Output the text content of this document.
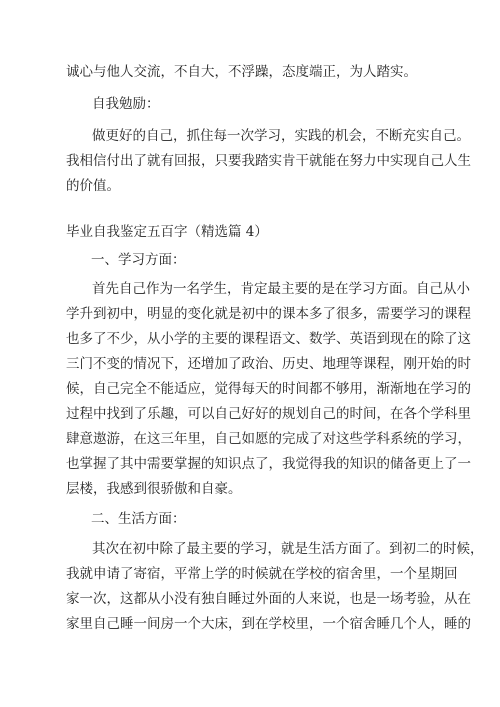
诚心与他人交流，不自大，不浮躁，态度端正，为人踏实。
自我勉励：
做更好的自己，抓住每一次学习，实践的机会，不断充实自己。
我相信付出了就有回报，只要我踏实肯干就能在努力中实现自己人生
的价值。
毕业自我鉴定五百字（精选篇 4）
一、学习方面：
首先自己作为一名学生，肯定最主要的是在学习方面。自己从小
学升到初中，明显的变化就是初中的课本多了很多，需要学习的课程
也多了不少，从小学的主要的课程语文、数学、英语到现在的除了这
三门不变的情况下，还增加了政治、历史、地理等课程，刚开始的时
候，自己完全不能适应，觉得每天的时间都不够用，渐渐地在学习的
过程中找到了乐趣，可以自己好好的规划自己的时间，在各个学科里
肆意遨游，在这三年里，自己如愿的完成了对这些学科系统的学习，
也掌握了其中需要掌握的知识点了，我觉得我的知识的储备更上了一
层楼，我感到很骄傲和自豪。
二、生活方面：
其次在初中除了最主要的学习，就是生活方面了。到初二的时候，
我就申请了寄宿，平常上学的时候就在学校的宿舍里，一个星期回
家一次，这都从小没有独自睡过外面的人来说，也是一场考验，从在
家里自己睡一间房一个大床，到在学校里，一个宿舍睡几个人，睡的
